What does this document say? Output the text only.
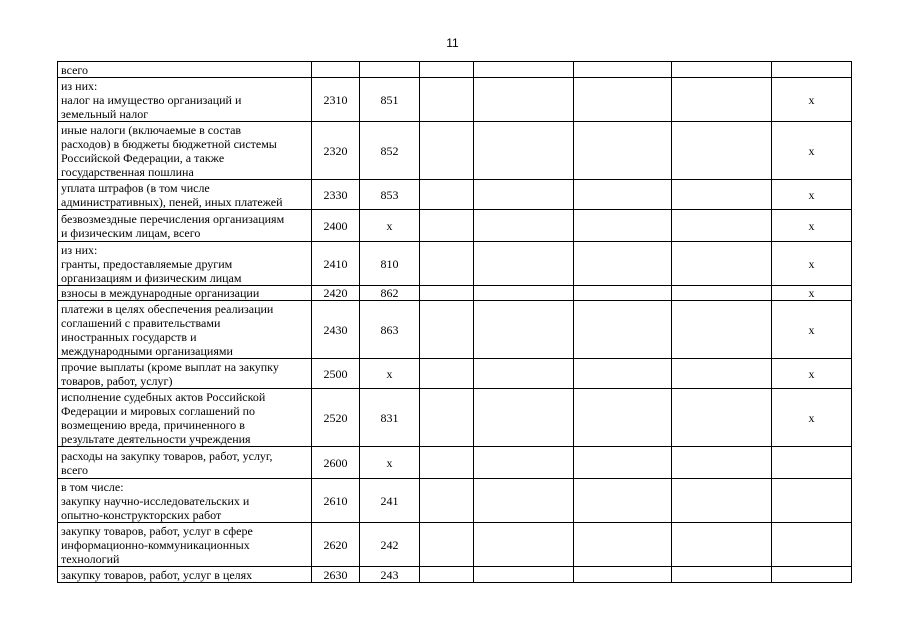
11
всего							

из них:
налог на имущество организаций и
земельный налог	2310	851					х

иные налоги (включаемые в состав
расходов) в бюджеты бюджетной системы
Российской Федерации, а также
государственная пошлина	2320	852					х

уплата штрафов (в том числе
административных), пеней, иных платежей	2330	853					х

безвозмездные перечисления организациям
и физическим лицам, всего	2400	х					х

из них:
гранты, предоставляемые другим
организациям и физическим лицам	2410	810					х

взносы в международные организации	2420	862					х

платежи в целях обеспечения реализации
соглашений с правительствами
иностранных государств и
международными организациями	2430	863					х

прочие выплаты (кроме выплат на закупку
товаров, работ, услуг)	2500	х					х

исполнение судебных актов Российской
Федерации и мировых соглашений по
возмещению вреда, причиненного в
результате деятельности учреждения	2520	831					х

расходы на закупку товаров, работ, услуг,
всего	2600	х					

в том числе:
закупку научно-исследовательских и
опытно-конструкторских работ	2610	241					

закупку товаров, работ, услуг в сфере
информационно-коммуникационных
технологий	2620	242					

закупку товаров, работ, услуг в целях	2630	243					
